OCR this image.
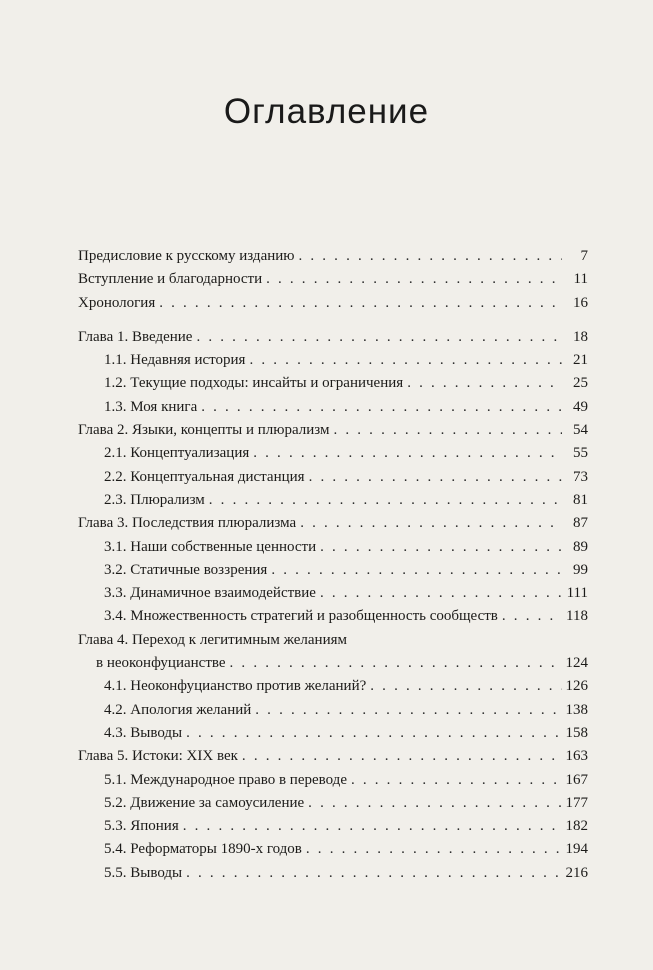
Оглавление
Предисловие к русскому изданию . . .	7
Вступление и благодарности . . .	11
Хронология . . .	16
Глава 1. Введение . . .	18
1.1. Недавняя история . . .	21
1.2. Текущие подходы: инсайты и ограничения . . .	25
1.3. Моя книга . . .	49
Глава 2. Языки, концепты и плюрализм . . .	54
2.1. Концептуализация . . .	55
2.2. Концептуальная дистанция . . .	73
2.3. Плюрализм . . .	81
Глава 3. Последствия плюрализма . . .	87
3.1. Наши собственные ценности . . .	89
3.2. Статичные воззрения . . .	99
3.3. Динамичное взаимодействие . . .	111
3.4. Множественность стратегий и разобщенность сообществ . . .	118
Глава 4. Переход к легитимным желаниям
в неоконфуцианстве . . .	124
4.1. Неоконфуцианство против желаний? . . .	126
4.2. Апология желаний . . .	138
4.3. Выводы . . .	158
Глава 5. Истоки: XIX век . . .	163
5.1. Международное право в переводе . . .	167
5.2. Движение за самоусиление . . .	177
5.3. Япония . . .	182
5.4. Реформаторы 1890-х годов . . .	194
5.5. Выводы . . .	216
